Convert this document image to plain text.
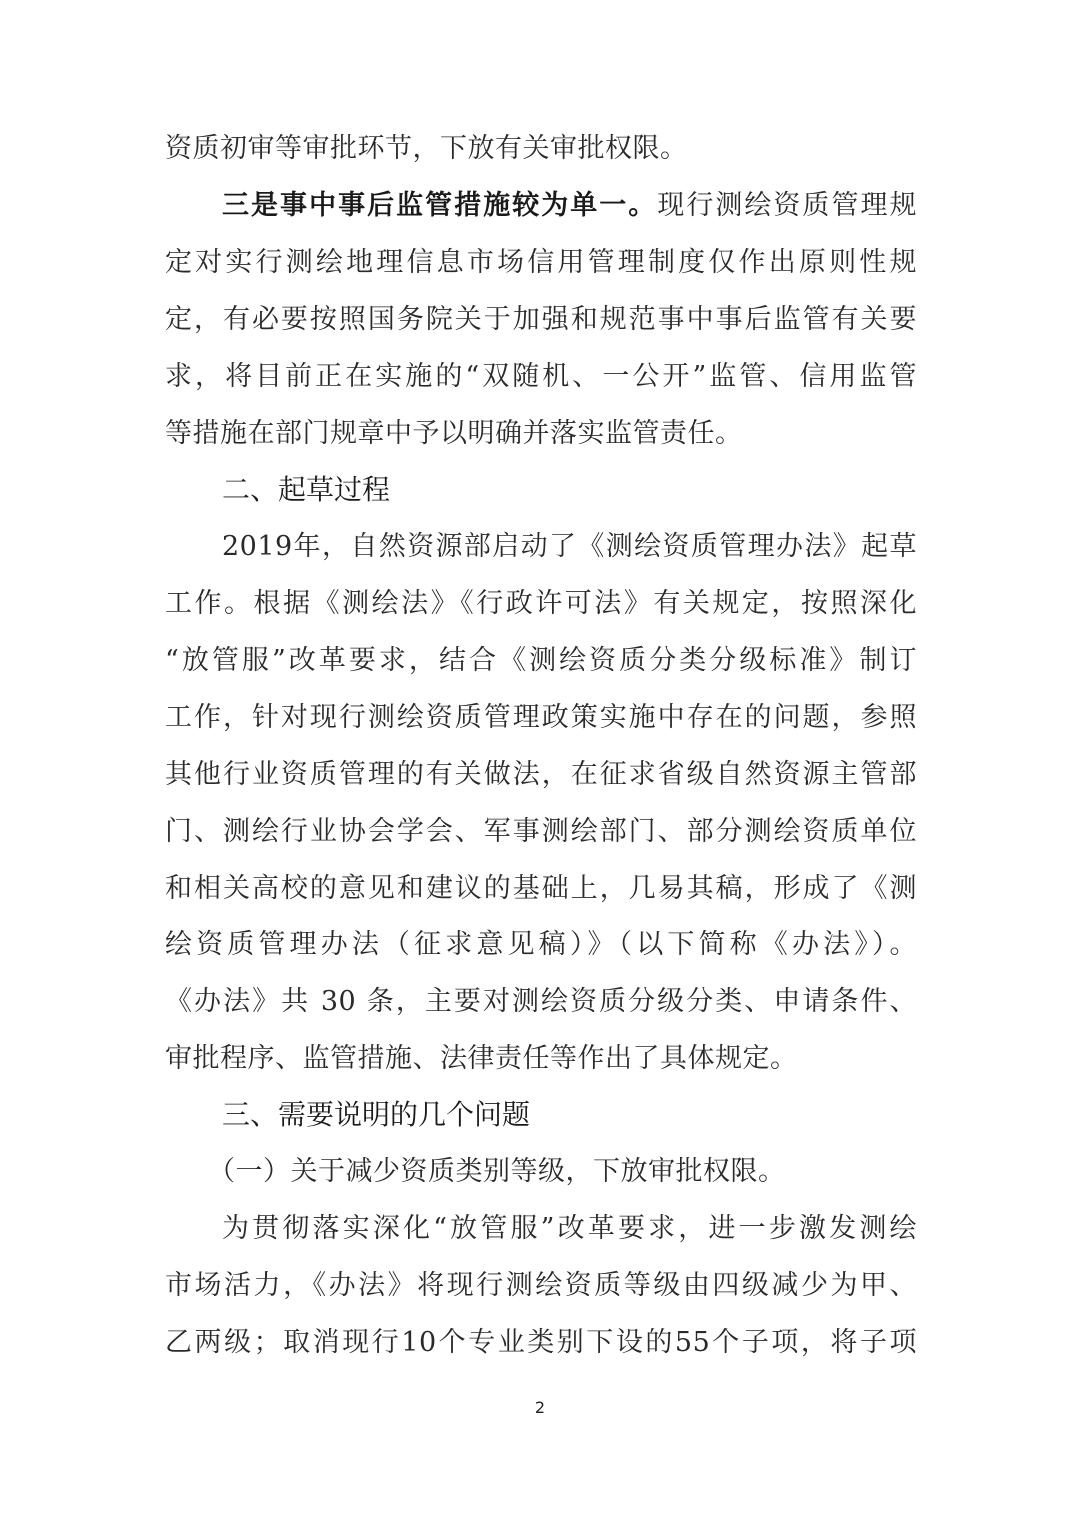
资质初审等审批环节，下放有关审批权限。
三是事中事后监管措施较为单一。现行测绘资质管理规
定对实行测绘地理信息市场信用管理制度仅作出原则性规
定，有必要按照国务院关于加强和规范事中事后监管有关要
求，将目前正在实施的“双随机、一公开”监管、信用监管
等措施在部门规章中予以明确并落实监管责任。
二、起草过程
2019年，自然资源部启动了《测绘资质管理办法》起草
工作。根据《测绘法》《行政许可法》有关规定，按照深化
“放管服”改革要求，结合《测绘资质分类分级标准》制订
工作，针对现行测绘资质管理政策实施中存在的问题，参照
其他行业资质管理的有关做法，在征求省级自然资源主管部
门、测绘行业协会学会、军事测绘部门、部分测绘资质单位
和相关高校的意见和建议的基础上，几易其稿，形成了《测
绘资质管理办法（征求意见稿）》（以下简称《办法》）。
《办法》共 30 条，主要对测绘资质分级分类、申请条件、
审批程序、监管措施、法律责任等作出了具体规定。
三、需要说明的几个问题
（一）关于减少资质类别等级，下放审批权限。
为贯彻落实深化“放管服”改革要求，进一步激发测绘
市场活力，《办法》将现行测绘资质等级由四级减少为甲、
乙两级；取消现行10个专业类别下设的55个子项，将子项
2
